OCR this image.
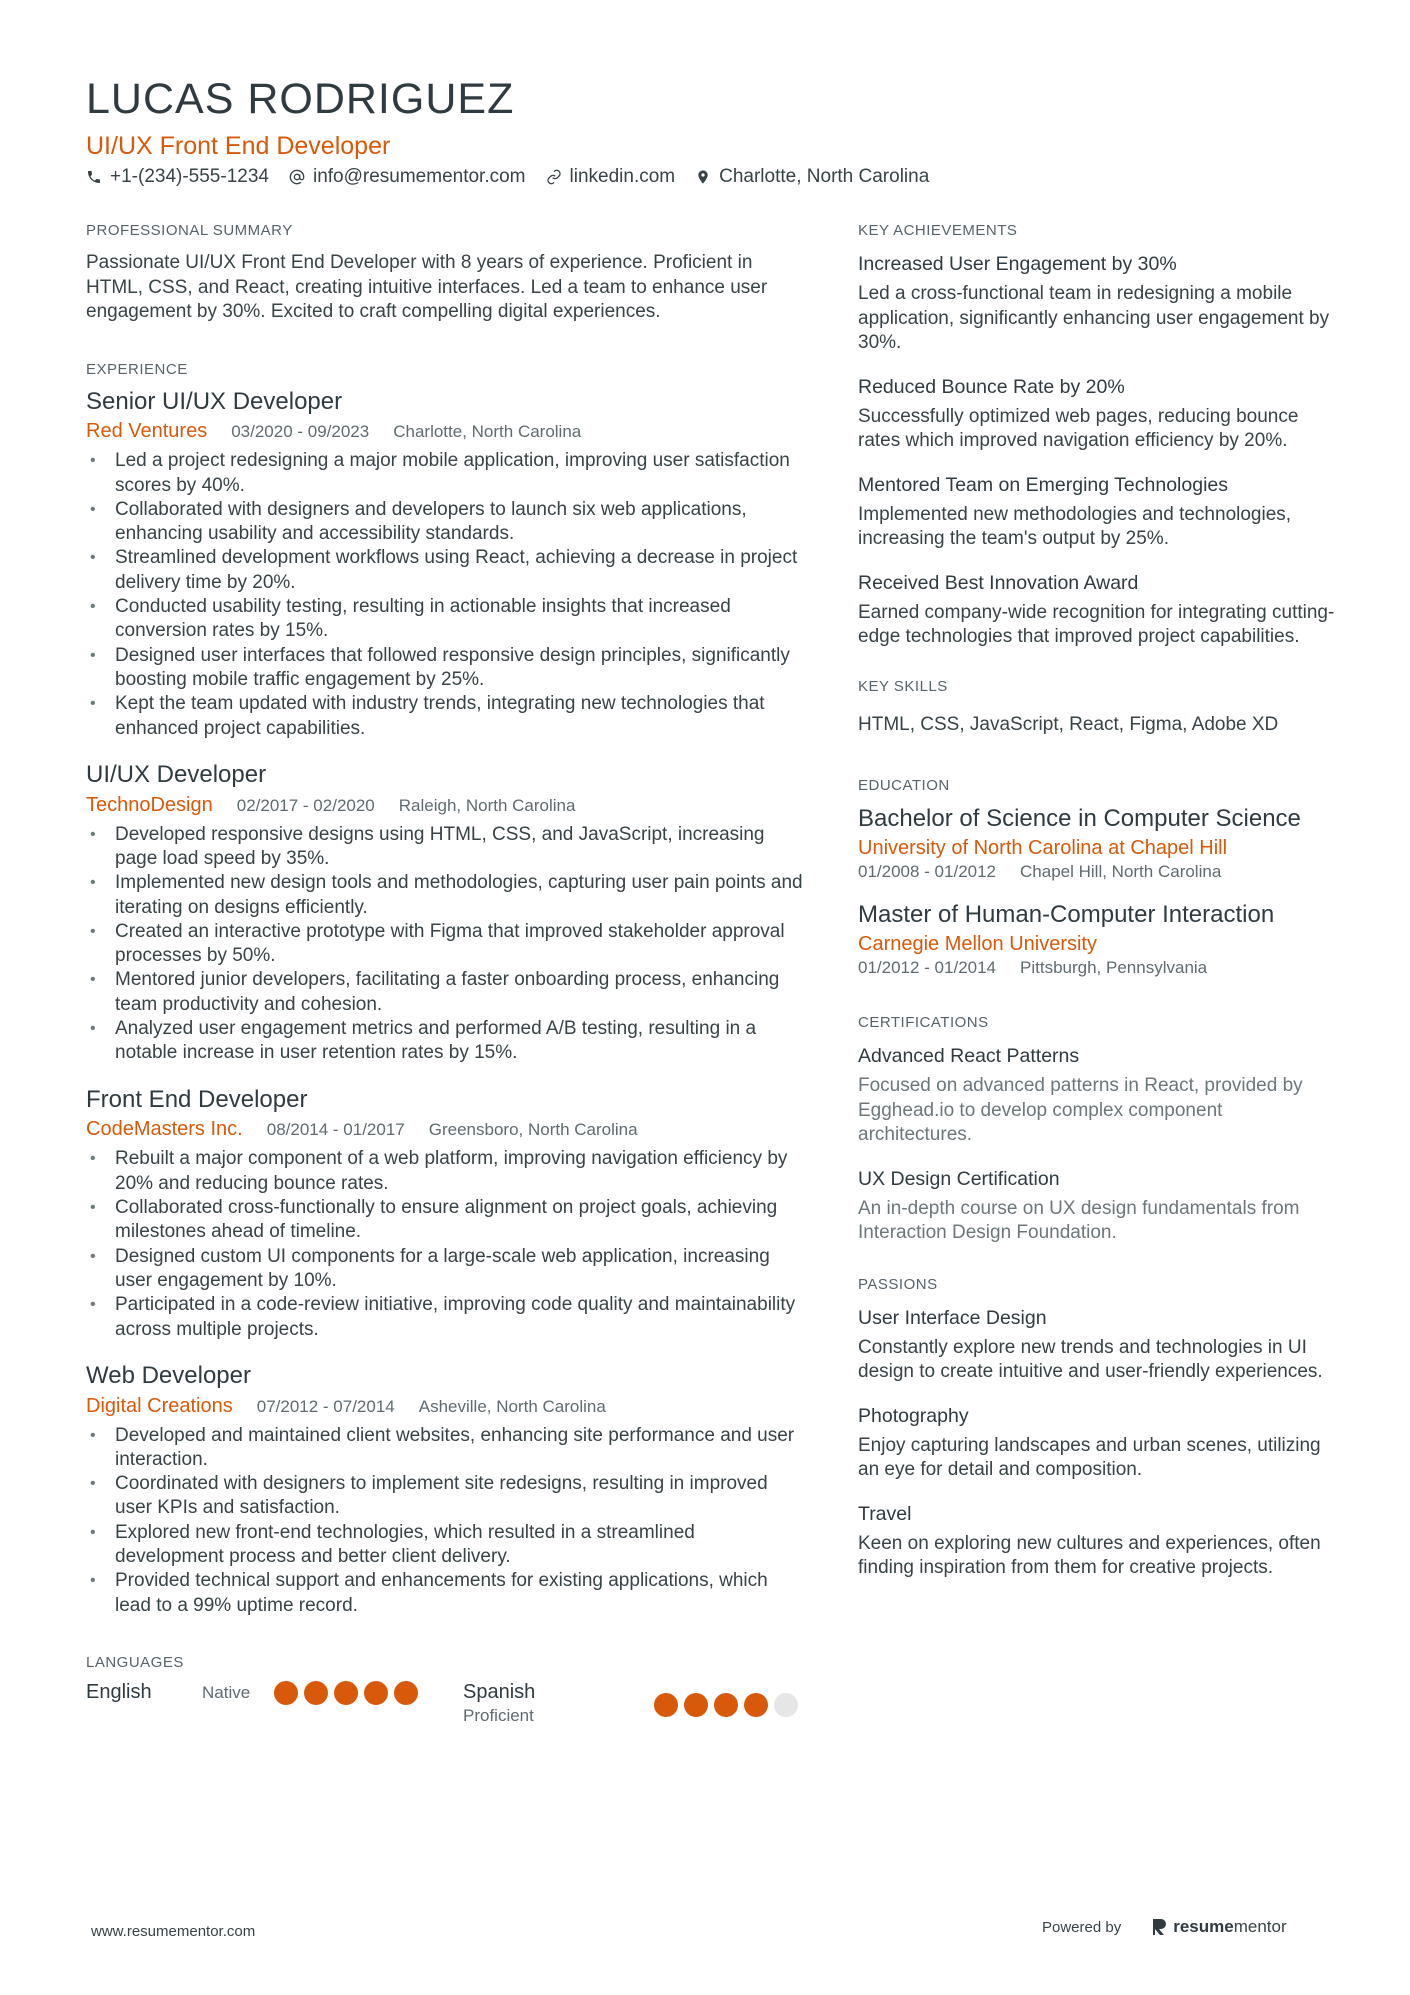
LUCAS RODRIGUEZ
UI/UX Front End Developer
+1-(234)-555-1234 info@resumementor.com linkedin.com Charlotte, North Carolina
PROFESSIONAL SUMMARY

Passionate UI/UX Front End Developer with 8 years of experience. Proficient in HTML, CSS, and React, creating intuitive interfaces. Led a team to enhance user engagement by 30%. Excited to craft compelling digital experiences.

EXPERIENCE
Senior UI/UX Developer
Red Ventures 03/2020 - 09/2023 Charlotte, North Carolina
• Led a project redesigning a major mobile application, improving user satisfaction scores by 40%.
• Collaborated with designers and developers to launch six web applications, enhancing usability and accessibility standards.
• Streamlined development workflows using React, achieving a decrease in project delivery time by 20%.
• Conducted usability testing, resulting in actionable insights that increased conversion rates by 15%.
• Designed user interfaces that followed responsive design principles, significantly boosting mobile traffic engagement by 25%.
• Kept the team updated with industry trends, integrating new technologies that enhanced project capabilities.
UI/UX Developer
TechnoDesign 02/2017 - 02/2020 Raleigh, North Carolina
• Developed responsive designs using HTML, CSS, and JavaScript, increasing page load speed by 35%.
• Implemented new design tools and methodologies, capturing user pain points and iterating on designs efficiently.
• Created an interactive prototype with Figma that improved stakeholder approval processes by 50%.
• Mentored junior developers, facilitating a faster onboarding process, enhancing team productivity and cohesion.
• Analyzed user engagement metrics and performed A/B testing, resulting in a notable increase in user retention rates by 15%.
Front End Developer
CodeMasters Inc. 08/2014 - 01/2017 Greensboro, North Carolina
• Rebuilt a major component of a web platform, improving navigation efficiency by 20% and reducing bounce rates.
• Collaborated cross-functionally to ensure alignment on project goals, achieving milestones ahead of timeline.
• Designed custom UI components for a large-scale web application, increasing user engagement by 10%.
• Participated in a code-review initiative, improving code quality and maintainability across multiple projects.
Web Developer
Digital Creations 07/2012 - 07/2014 Asheville, North Carolina
• Developed and maintained client websites, enhancing site performance and user interaction.
• Coordinated with designers to implement site redesigns, resulting in improved user KPIs and satisfaction.
• Explored new front-end technologies, which resulted in a streamlined development process and better client delivery.
• Provided technical support and enhancements for existing applications, which lead to a 99% uptime record.
LANGUAGES
English	Native	Spanish
Proficient
KEY ACHIEVEMENTS
Increased User Engagement by 30%

Led a cross-functional team in redesigning a mobile application, significantly enhancing user engagement by 30%.

Reduced Bounce Rate by 20%

Successfully optimized web pages, reducing bounce rates which improved navigation efficiency by 20%.

Mentored Team on Emerging Technologies

Implemented new methodologies and technologies, increasing the team's output by 25%.

Received Best Innovation Award

Earned company-wide recognition for integrating cutting-edge technologies that improved project capabilities.

KEY SKILLS

HTML, CSS, JavaScript, React, Figma, Adobe XD

EDUCATION
Bachelor of Science in Computer Science
University of North Carolina at Chapel Hill
01/2008 - 01/2012 Chapel Hill, North Carolina
Master of Human-Computer Interaction
Carnegie Mellon University
01/2012 - 01/2014 Pittsburgh, Pennsylvania
CERTIFICATIONS
Advanced React Patterns

Focused on advanced patterns in React, provided by Egghead.io to develop complex component architectures.

UX Design Certification

An in-depth course on UX design fundamentals from Interaction Design Foundation.

PASSIONS
User Interface Design

Constantly explore new trends and technologies in UI design to create intuitive and user-friendly experiences.

Photography

Enjoy capturing landscapes and urban scenes, utilizing an eye for detail and composition.

Travel

Keen on exploring new cultures and experiences, often finding inspiration from them for creative projects.

www.resumementor.com	Powered by	resumementor
